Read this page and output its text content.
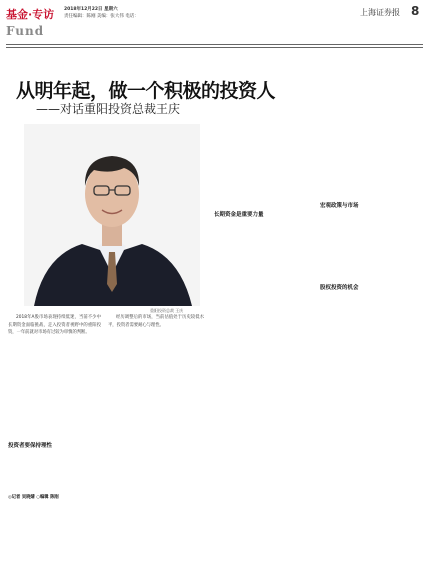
基金·专访
Fund
2018年12月22日 星期六
责任编辑：陈刚 美编：张大伟 电话：	上海证券报 8
从明年起，做一个积极的投资人
——对话重阳投资总裁王庆
重阳投资总裁 王庆

2018年A股市场表现持续低迷，当前不少中长期资金面临挑战，走入投资者视野中的重阳投资，一年前就对市场有过较为审慎的判断。

投资者要保持理性

◎记者 吴晓婧 ○编辑 陈刚

经历调整后的市场，当前估值处于历史较低水平，投资者需要耐心与理性。

长期资金是重要力量

宏观政策与市场

股权投资的机会
